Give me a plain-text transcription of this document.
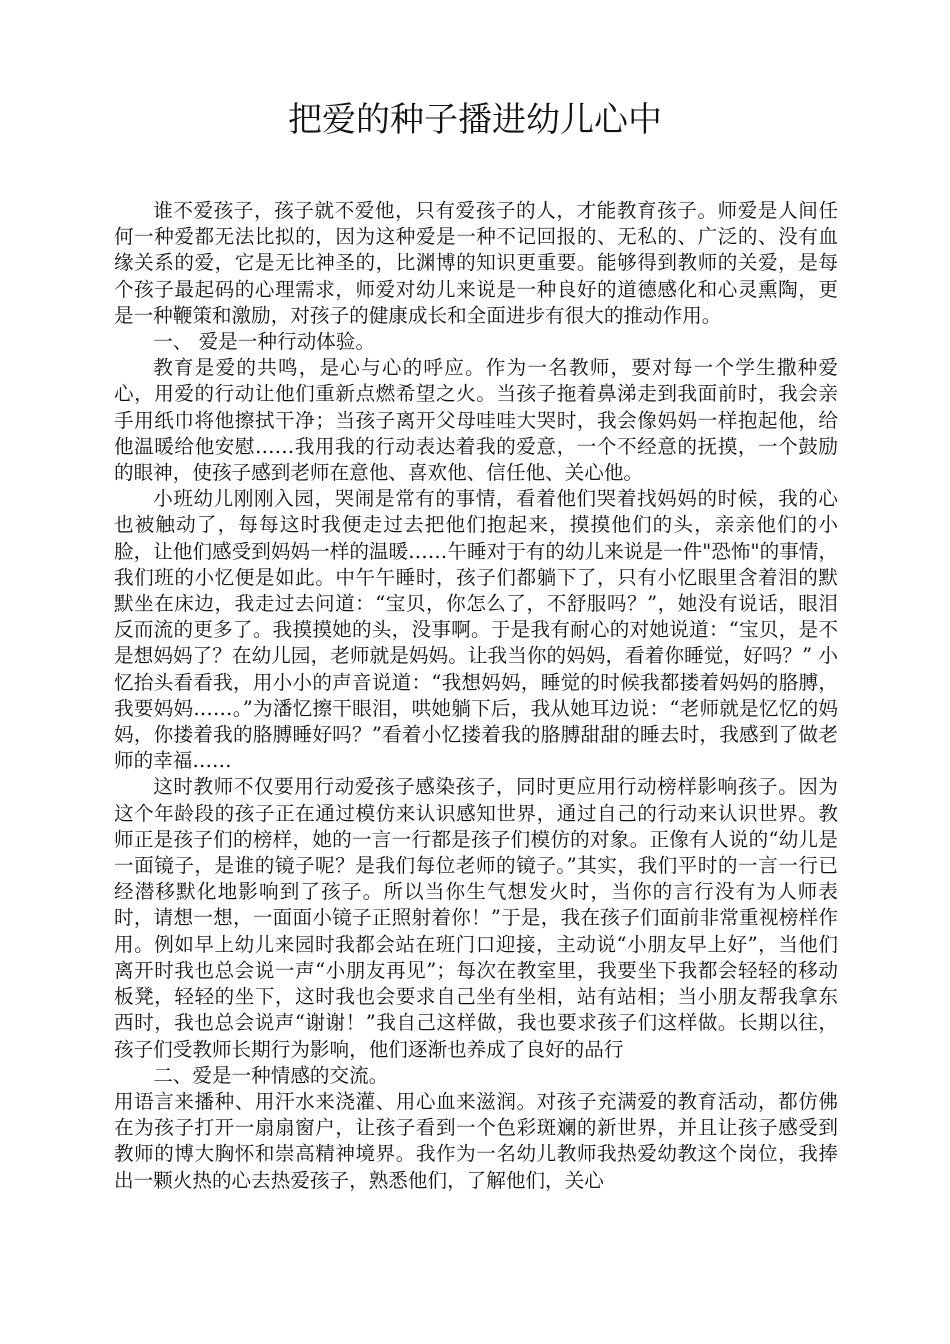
把爱的种子播进幼儿心中

谁不爱孩子，孩子就不爱他，只有爱孩子的人，才能教育孩子。师爱是人间任何一种爱都无法比拟的，因为这种爱是一种不记回报的、无私的、广泛的、没有血缘关系的爱，它是无比神圣的，比渊博的知识更重要。能够得到教师的关爱，是每个孩子最起码的心理需求，师爱对幼儿来说是一种良好的道德感化和心灵熏陶，更是一种鞭策和激励，对孩子的健康成长和全面进步有很大的推动作用。

一、 爱是一种行动体验。

教育是爱的共鸣，是心与心的呼应。作为一名教师，要对每一个学生撒种爱心，用爱的行动让他们重新点燃希望之火。当孩子拖着鼻涕走到我面前时，我会亲手用纸巾将他擦拭干净；当孩子离开父母哇哇大哭时，我会像妈妈一样抱起他，给他温暖给他安慰……我用我的行动表达着我的爱意，一个不经意的抚摸，一个鼓励的眼神，使孩子感到老师在意他、喜欢他、信任他、关心他。

小班幼儿刚刚入园，哭闹是常有的事情，看着他们哭着找妈妈的时候，我的心也被触动了，每每这时我便走过去把他们抱起来，摸摸他们的头，亲亲他们的小脸，让他们感受到妈妈一样的温暖……午睡对于有的幼儿来说是一件"恐怖"的事情，我们班的小忆便是如此。中午午睡时，孩子们都躺下了，只有小忆眼里含着泪的默默坐在床边，我走过去问道：“宝贝，你怎么了，不舒服吗？”，她没有说话，眼泪反而流的更多了。我摸摸她的头，没事啊。于是我有耐心的对她说道：“宝贝，是不是想妈妈了？在幼儿园，老师就是妈妈。让我当你的妈妈，看着你睡觉，好吗？” 小忆抬头看看我，用小小的声音说道：“我想妈妈，睡觉的时候我都搂着妈妈的胳膊，我要妈妈……。”为潘忆擦干眼泪，哄她躺下后，我从她耳边说：“老师就是忆忆的妈妈，你搂着我的胳膊睡好吗？”看着小忆搂着我的胳膊甜甜的睡去时，我感到了做老师的幸福……

这时教师不仅要用行动爱孩子感染孩子，同时更应用行动榜样影响孩子。因为这个年龄段的孩子正在通过模仿来认识感知世界，通过自己的行动来认识世界。教师正是孩子们的榜样，她的一言一行都是孩子们模仿的对象。正像有人说的“幼儿是一面镜子，是谁的镜子呢？是我们每位老师的镜子。”其实，我们平时的一言一行已经潜移默化地影响到了孩子。所以当你生气想发火时，当你的言行没有为人师表时，请想一想，一面面小镜子正照射着你！”于是，我在孩子们面前非常重视榜样作用。例如早上幼儿来园时我都会站在班门口迎接，主动说“小朋友早上好”，当他们离开时我也总会说一声“小朋友再见”；每次在教室里，我要坐下我都会轻轻的移动板凳，轻轻的坐下，这时我也会要求自己坐有坐相，站有站相；当小朋友帮我拿东西时，我也总会说声“谢谢！”我自己这样做，我也要求孩子们这样做。长期以往，孩子们受教师长期行为影响，他们逐渐也养成了良好的品行

二、爱是一种情感的交流。

用语言来播种、用汗水来浇灌、用心血来滋润。对孩子充满爱的教育活动，都仿佛在为孩子打开一扇扇窗户，让孩子看到一个色彩斑斓的新世界，并且让孩子感受到教师的博大胸怀和崇高精神境界。我作为一名幼儿教师我热爱幼教这个岗位，我捧出一颗火热的心去热爱孩子，熟悉他们，了解他们，关心
